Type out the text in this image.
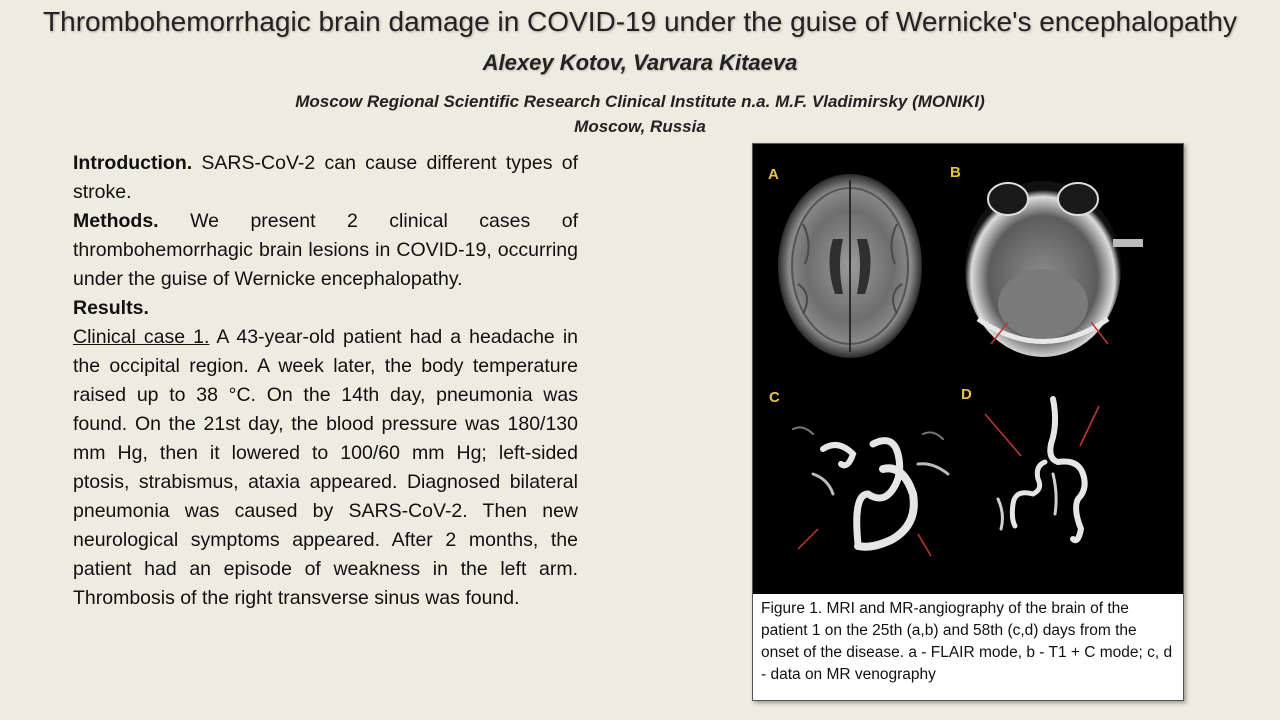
Thrombohemorrhagic brain damage in COVID-19 under the guise of Wernicke's encephalopathy
Alexey Kotov, Varvara Kitaeva
Moscow Regional Scientific Research Clinical Institute n.a. M.F. Vladimirsky (MONIKI)
Moscow, Russia

Introduction. SARS-CoV-2 can cause different types of stroke.

Methods. We present 2 clinical cases of thrombohemorrhagic brain lesions in COVID-19, occurring under the guise of Wernicke encephalopathy.

Results.

Clinical case 1. A 43-year-old patient had a headache in the occipital region. A week later, the body temperature raised up to 38 °C. On the 14th day, pneumonia was found. On the 21st day, the blood pressure was 180/130 mm Hg, then it lowered to 100/60 mm Hg; left-sided ptosis, strabismus, ataxia appeared. Diagnosed bilateral pneumonia was caused by SARS-CoV-2. Then new neurological symptoms appeared. After 2 months, the patient had an episode of weakness in the left arm. Thrombosis of the right transverse sinus was found.

A	B
C	D
Figure 1. MRI and MR-angiography of the brain of the patient 1 on the 25th (a,b) and 58th (c,d) days from the onset of the disease. a - FLAIR mode, b - T1 + C mode; c, d - data on MR venography
